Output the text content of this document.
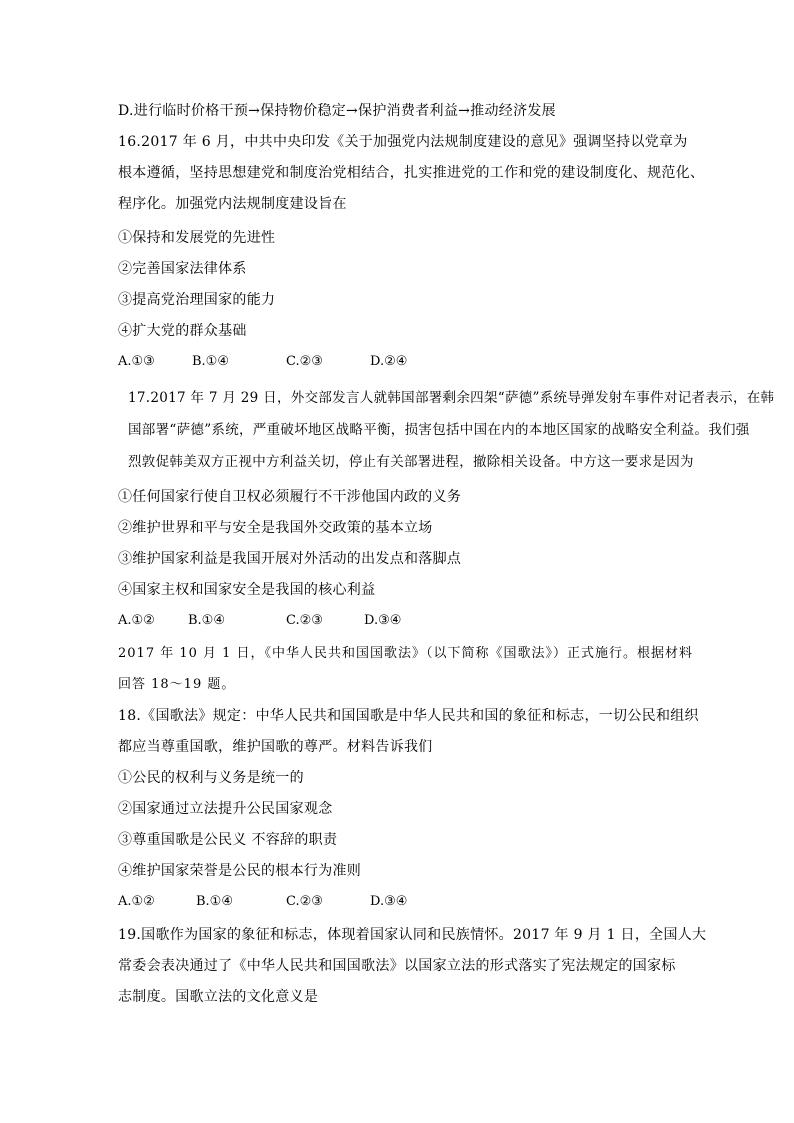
D.进行临时价格干预→保持物价稳定→保护消费者利益→推动经济发展
16.2017 年 6 月，中共中央印发《关于加强党内法规制度建设的意见》强调坚持以党章为
根本遵循，坚持思想建党和制度治党相结合，扎实推进党的工作和党的建设制度化、规范化、
程序化。加强党内法规制度建设旨在
①保持和发展党的先进性
②完善国家法律体系
③提高党治理国家的能力
④扩大党的群众基础
A.①③	B.①④	C.②③	D.②④
17.2017 年 7 月 29 日，外交部发言人就韩国部署剩余四架“萨德”系统导弹发射车事件对记者表示，在韩
国部署“萨德”系统，严重破坏地区战略平衡，损害包括中国在内的本地区国家的战略安全利益。我们强
烈敦促韩美双方正视中方利益关切，停止有关部署进程，撤除相关设备。中方这一要求是因为
①任何国家行使自卫权必须履行不干涉他国内政的义务
②维护世界和平与安全是我国外交政策的基本立场
③维护国家利益是我国开展对外活动的出发点和落脚点
④国家主权和国家安全是我国的核心利益
A.①②	B.①④	C.②③	D.③④
2017 年 10 月 1 日，《中华人民共和国国歌法》（以下简称《国歌法》）正式施行。根据材料
回答 18～19 题。
18.《国歌法》规定：中华人民共和国国歌是中华人民共和国的象征和标志，一切公民和组织
都应当尊重国歌，维护国歌的尊严。材料告诉我们
①公民的权利与义务是统一的
②国家通过立法提升公民国家观念
③尊重国歌是公民义 不容辞的职责
④维护国家荣誉是公民的根本行为准则
A.①②	B.①④	C.②③	D.③④
19.国歌作为国家的象征和标志，体现着国家认同和民族情怀。2017 年 9 月 1 日，全国人大
常委会表决通过了《中华人民共和国国歌法》以国家立法的形式落实了宪法规定的国家标
志制度。国歌立法的文化意义是
